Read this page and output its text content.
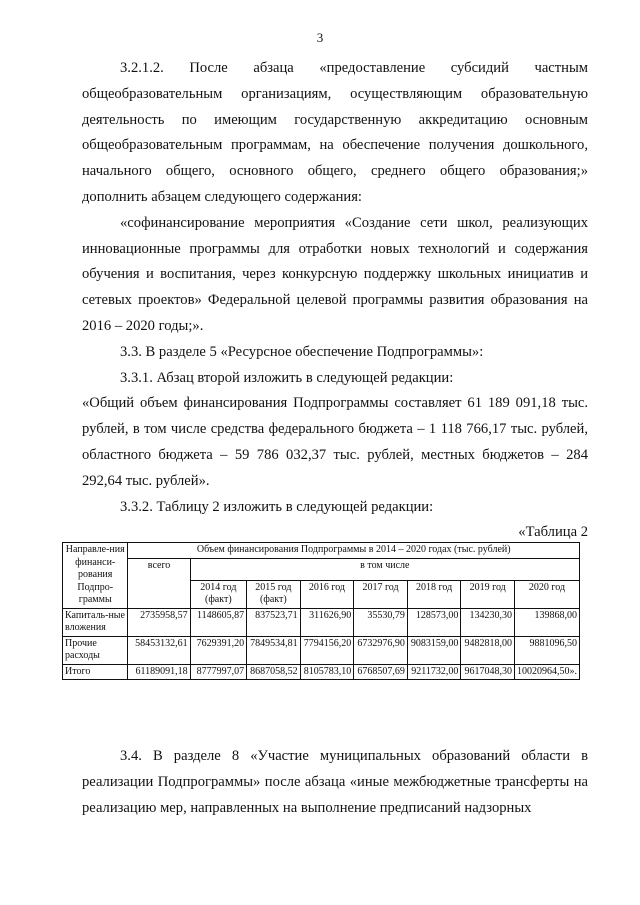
3

3.2.1.2. После абзаца «предоставление субсидий частным общеобразовательным организациям, осуществляющим образовательную деятельность по имеющим государственную аккредитацию основным общеобразовательным программам, на обеспечение получения дошкольного, начального общего, основного общего, среднего общего образования;» дополнить абзацем следующего содержания:

«софинансирование мероприятия «Создание сети школ, реализующих инновационные программы для отработки новых технологий и содержания обучения и воспитания, через конкурсную поддержку школьных инициатив и сетевых проектов» Федеральной целевой программы развития образования на 2016 – 2020 годы;».

3.3. В разделе 5 «Ресурсное обеспечение Подпрограммы»:

3.3.1. Абзац второй изложить в следующей редакции:

«Общий объем финансирования Подпрограммы составляет 61 189 091,18 тыс. рублей, в том числе средства федерального бюджета – 1 118 766,17 тыс. рублей, областного бюджета – 59 786 032,37 тыс. рублей, местных бюджетов – 284 292,64 тыс. рублей».

3.3.2. Таблицу 2 изложить в следующей редакции:

«Таблица 2

Направле-ния финанси-рования Подпро-граммы	Объем финансирования Подпрограммы в 2014 – 2020 годах (тыс. рублей)							
	всего	в том числе						
		2014 год (факт)	2015 год (факт)	2016 год	2017 год	2018 год	2019 год	2020 год
Капиталь-ные вложения	2735958,57	1148605,87	837523,71	311626,90	35530,79	128573,00	134230,30	139868,00
Прочие расходы	58453132,61	7629391,20	7849534,81	7794156,20	6732976,90	9083159,00	9482818,00	9881096,50
Итого	61189091,18	8777997,07	8687058,52	8105783,10	6768507,69	9211732,00	9617048,30	10020964,50».

3.4. В разделе 8 «Участие муниципальных образований области в реализации Подпрограммы» после абзаца «иные межбюджетные трансферты на реализацию мер, направленных на выполнение предписаний надзорных
